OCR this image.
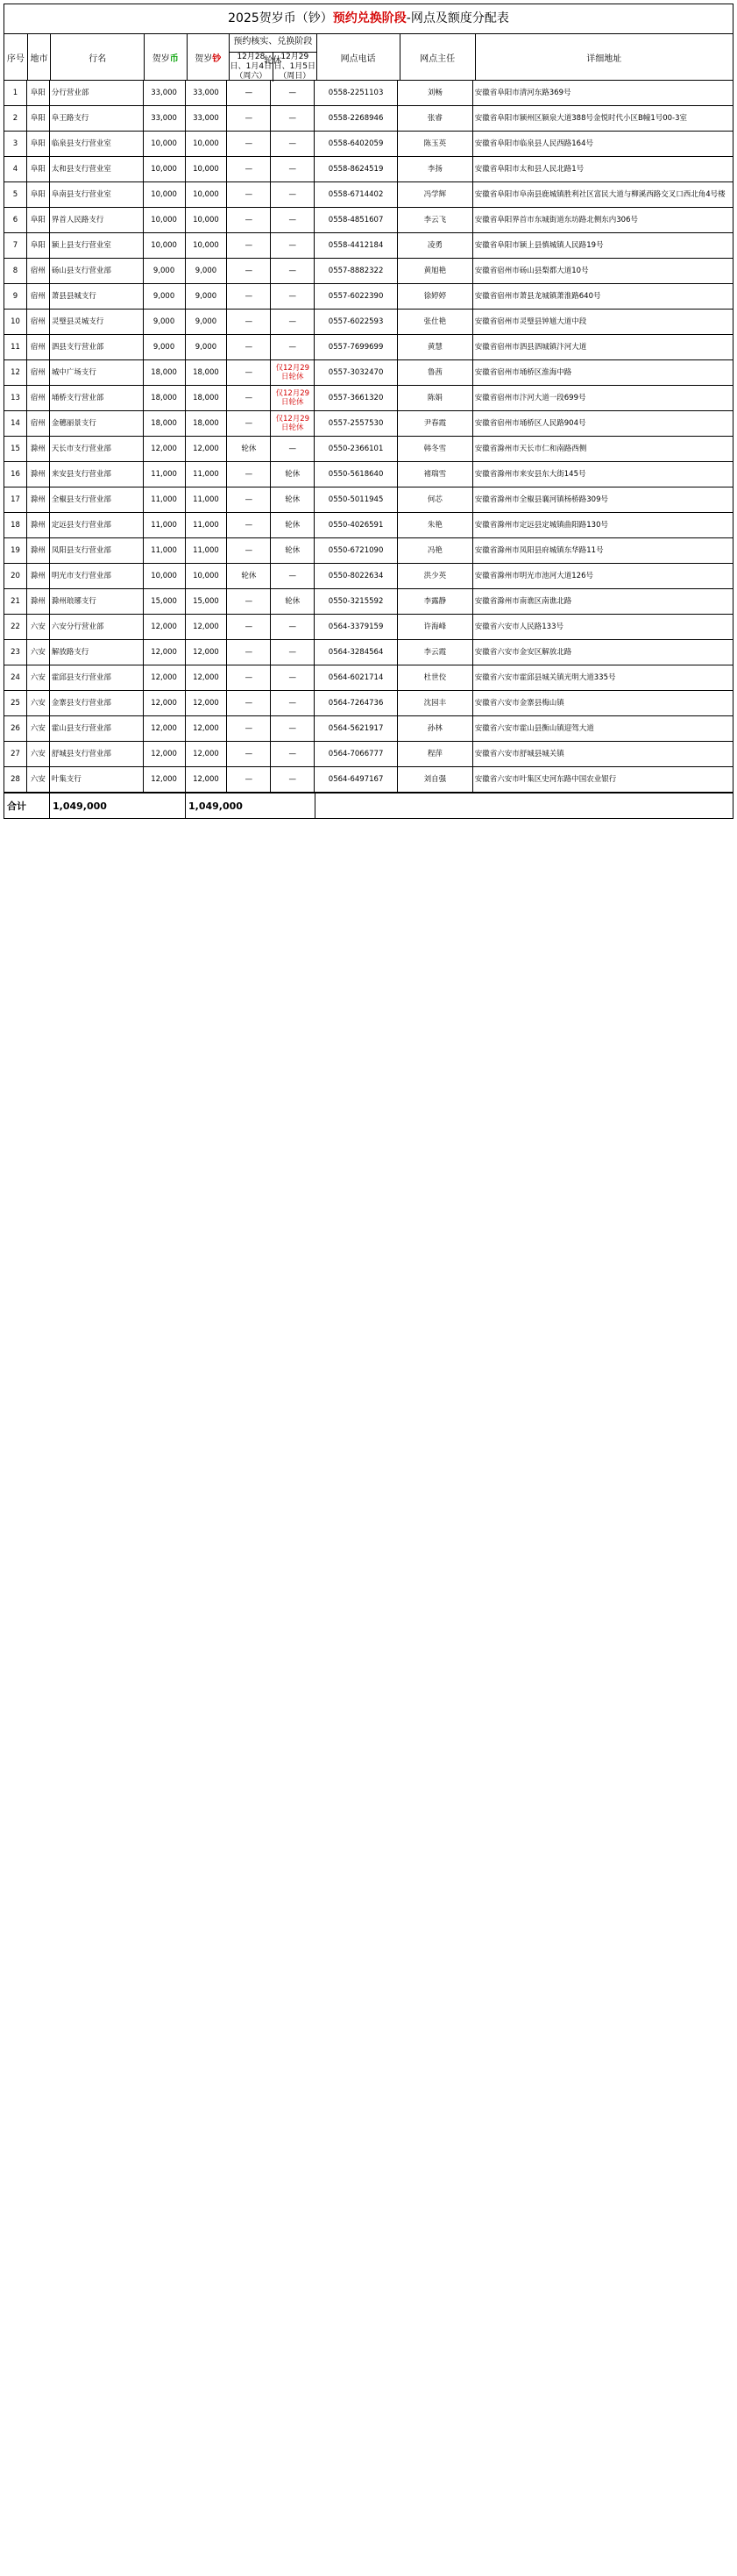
2025贺岁币（钞）预约兑换阶段-网点及额度分配表
序号 地市	行名	贺岁 币 贺岁 钞
预约核实、兑换阶段轮休
12月28日、1月4日（周六）
12月29日、1月5日（周日）
网点电话	网点主任	详细地址
1	阜阳 分行营业部	33,000	33,000	—	—	0558-2251103	刘畅	安徽省阜阳市清河东路369号
2	阜阳 阜王路支行	33,000	33,000	—	—	0558-2268946	张睿	安徽省阜阳市颍州区颍泉大道388号金悦时代小区B幢1号00-3室
3	阜阳 临泉县支行营业室	10,000	10,000	—	—	0558-6402059	陈玉英	安徽省阜阳市临泉县人民西路164号
4	阜阳 太和县支行营业室	10,000	10,000	—	—	0558-8624519	李扬	安徽省阜阳市太和县人民北路1号
5	阜阳 阜南县支行营业室	10,000	10,000	—	—	0558-6714402	冯学辉	安徽省阜阳市阜南县鹿城镇胜利社区富民大道与柳溪西路交叉口西北角4号楼
6	阜阳 界首人民路支行	10,000	10,000	—	—	0558-4851607	李云飞	安徽省阜阳界首市东城街道东坊路北侧东内306号
7	阜阳 颍上县支行营业室	10,000	10,000	—	—	0558-4412184	凌勇	安徽省阜阳市颍上县慎城镇人民路19号
8	宿州 砀山县支行营业部	9,000	9,000	—	—	0557-8882322	黄旭艳	安徽省宿州市砀山县梨都大道10号
9	宿州 萧县县城支行	9,000	9,000	—	—	0557-6022390	徐婷婷	安徽省宿州市萧县龙城镇萧淮路640号
10	宿州 灵璧县灵城支行	9,000	9,000	—	—	0557-6022593	张仕艳	安徽省宿州市灵璧县钟馗大道中段
11	宿州 泗县支行营业部	9,000	9,000	—	—	0557-7699699	黄慧	安徽省宿州市泗县泗城镇汴河大道
12	宿州 城中广场支行	18,000	18,000	—	仅12月29日轮休	0557-3032470	鲁茜	安徽省宿州市埇桥区淮海中路
13	宿州 埇桥支行营业部	18,000	18,000	—	仅12月29日轮休	0557-3661320	陈娟	安徽省宿州市汴河大道一段699号
14	宿州 金穗丽景支行	18,000	18,000	—	仅12月29日轮休	0557-2557530	尹春霞	安徽省宿州市埇桥区人民路904号
15	滁州 天长市支行营业部	12,000	12,000	轮休	—	0550-2366101	韩冬雪	安徽省滁州市天长市仁和南路西侧
16	滁州 来安县支行营业部	11,000	11,000	—	轮休	0550-5618640	褚瑞雪	安徽省滁州市来安县东大街145号
17	滁州 全椒县支行营业部	11,000	11,000	—	轮休	0550-5011945	何芯	安徽省滁州市全椒县襄河镇杨桥路309号
18	滁州 定远县支行营业部	11,000	11,000	—	轮休	0550-4026591	朱艳	安徽省滁州市定远县定城镇曲阳路130号
19	滁州 凤阳县支行营业部	11,000	11,000	—	轮休	0550-6721090	冯艳	安徽省滁州市凤阳县府城镇东华路11号
20	滁州 明光市支行营业部	10,000	10,000	轮休	—	0550-8022634	洪少英	安徽省滁州市明光市池河大道126号
21	滁州 滁州琅琊支行	15,000	15,000	—	轮休	0550-3215592	李露静	安徽省滁州市南谯区南谯北路
22	六安 六安分行营业部	12,000	12,000	—	—	0564-3379159	许海峰	安徽省六安市人民路133号
23	六安 解放路支行	12,000	12,000	—	—	0564-3284564	李云霞	安徽省六安市金安区解放北路
24	六安 霍邱县支行营业部	12,000	12,000	—	—	0564-6021714	杜世佼	安徽省六安市霍邱县城关镇光明大道335号
25	六安 金寨县支行营业部	12,000	12,000	—	—	0564-7264736	沈园丰	安徽省六安市金寨县梅山镇
26	六安 霍山县支行营业部	12,000	12,000	—	—	0564-5621917	孙林	安徽省六安市霍山县衡山镇迎驾大道
27	六安 舒城县支行营业部	12,000	12,000	—	—	0564-7066777	程萍	安徽省六安市舒城县城关镇
28	六安 叶集支行	12,000	12,000	—	—	0564-6497167	刘自强	安徽省六安市叶集区史河东路中国农业银行
合计	1,049,000	1,049,000
